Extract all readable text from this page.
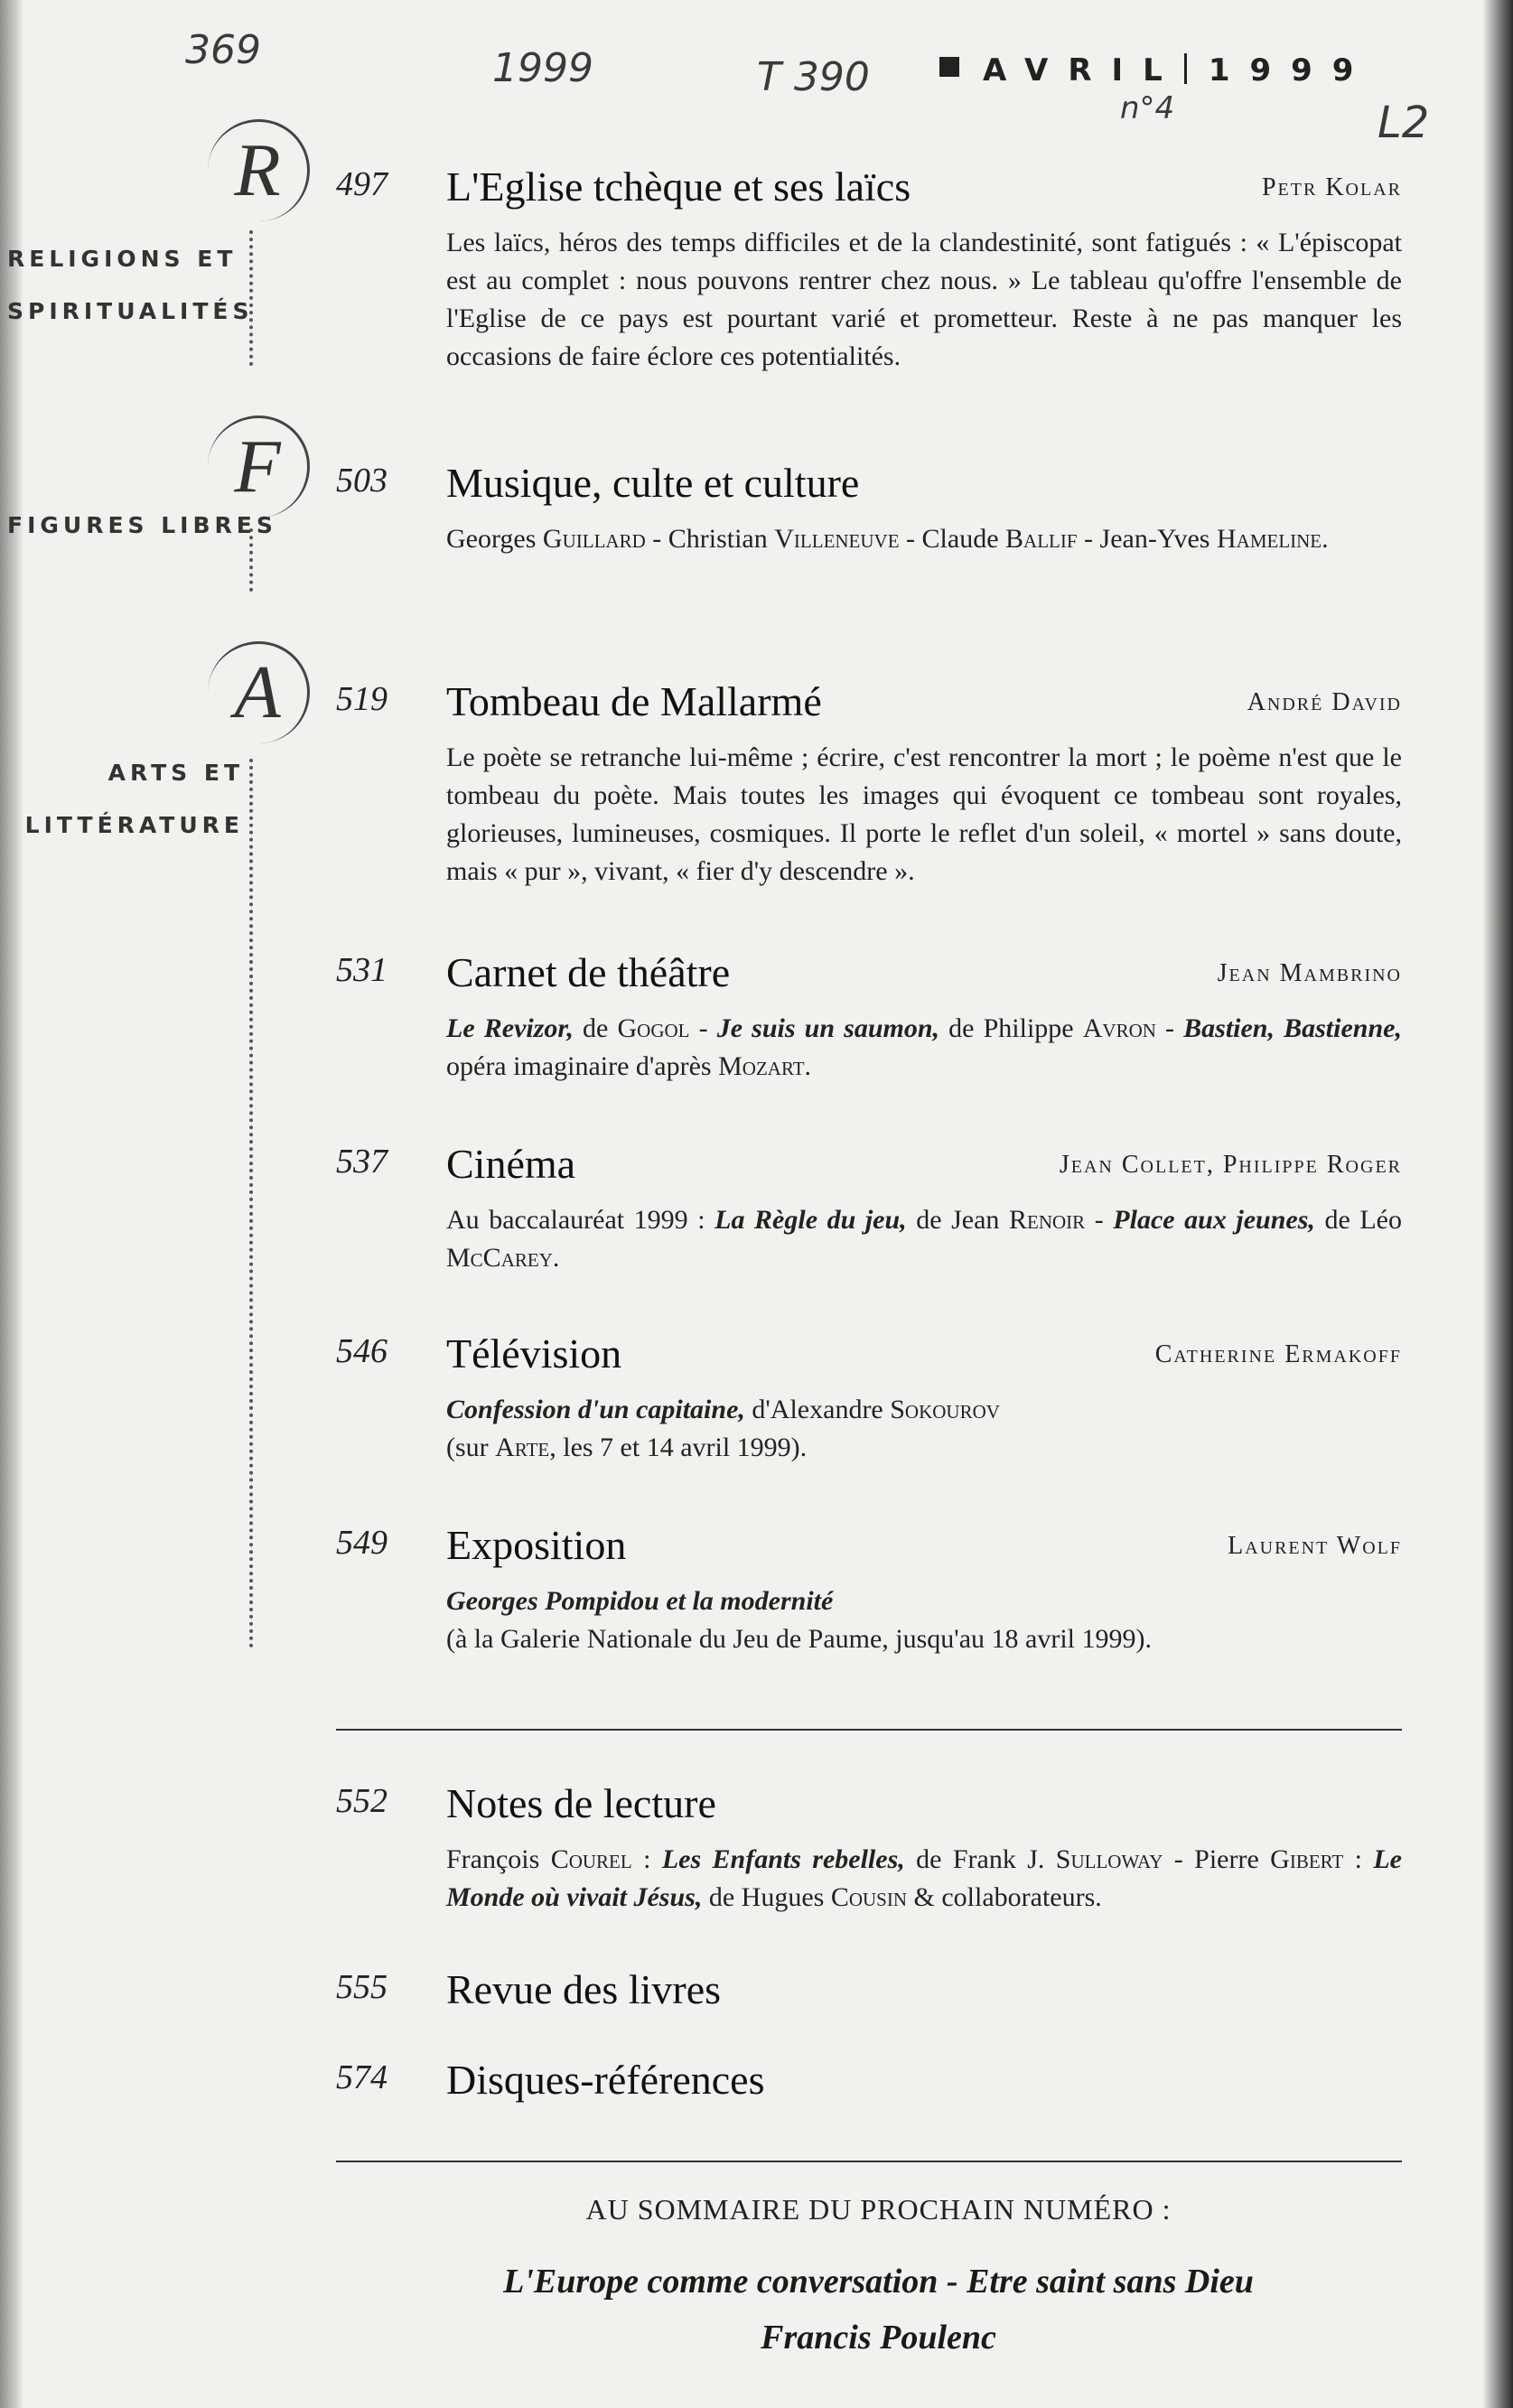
369	1999	T 390
n°4	L2
AVRIL 1999
R
RELIGIONS ET
SPIRITUALITÉS
F
FIGURES LIBRES
A
ARTS ET
LITTÉRATURE
497 L'Eglise tchèque et ses laïcs	Petr Kolar
Les laïcs, héros des temps difficiles et de la clandestinité, sont fatigués : « L'épiscopat est au complet : nous pouvons rentrer chez nous. » Le tableau qu'offre l'ensemble de l'Eglise de ce pays est pourtant varié et prometteur. Reste à ne pas manquer les occasions de faire éclore ces potentialités.
503 Musique, culte et culture
Georges Guillard - Christian Villeneuve - Claude Ballif - Jean-Yves Hameline.
519 Tombeau de Mallarmé	André David
Le poète se retranche lui-même ; écrire, c'est rencontrer la mort ; le poème n'est que le tombeau du poète. Mais toutes les images qui évoquent ce tombeau sont royales, glorieuses, lumineuses, cosmiques. Il porte le reflet d'un soleil, « mortel » sans doute, mais « pur », vivant, « fier d'y descendre ».
531 Carnet de théâtre	Jean Mambrino
Le Revizor, de Gogol - Je suis un saumon, de Philippe Avron - Bastien, Bastienne, opéra imaginaire d'après Mozart.
537 Cinéma	Jean Collet, Philippe Roger
Au baccalauréat 1999 : La Règle du jeu, de Jean Renoir - Place aux jeunes, de Léo McCarey.
546 Télévision	Catherine Ermakoff
Confession d'un capitaine, d'Alexandre Sokourov
(sur Arte, les 7 et 14 avril 1999).
549 Exposition	Laurent Wolf
Georges Pompidou et la modernité
(à la Galerie Nationale du Jeu de Paume, jusqu'au 18 avril 1999).
552 Notes de lecture
François Courel : Les Enfants rebelles, de Frank J. Sulloway - Pierre Gibert : Le Monde où vivait Jésus, de Hugues Cousin & collaborateurs.
555 Revue des livres
574 Disques-références
AU SOMMAIRE DU PROCHAIN NUMÉRO :
L'Europe comme conversation - Etre saint sans Dieu
Francis Poulenc
